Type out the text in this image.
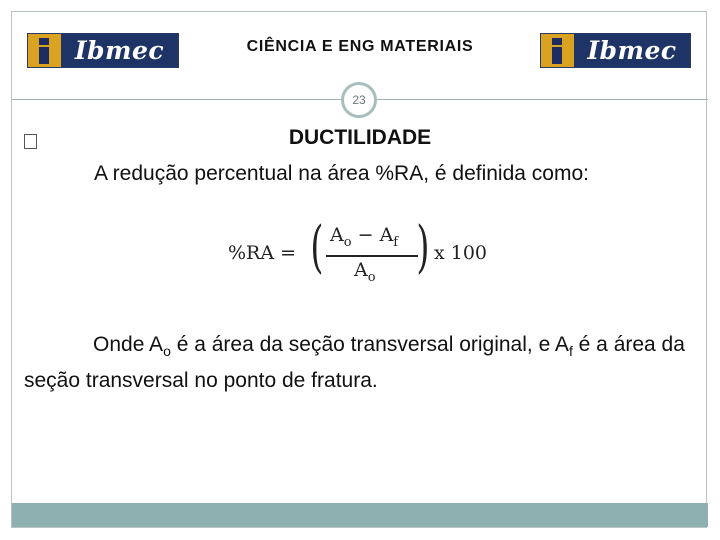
Ibmec	CIÊNCIA E ENG MATERIAIS	Ibmec
23
DUCTILIDADE
A redução percentual na área %RA, é definida como:
%RA = ( $A_o - A_f$
$A_o$ ) x 100
Onde $A_o$ é a área da seção transversal original, e $A_f$ é a área da seção transversal no ponto de fratura.
